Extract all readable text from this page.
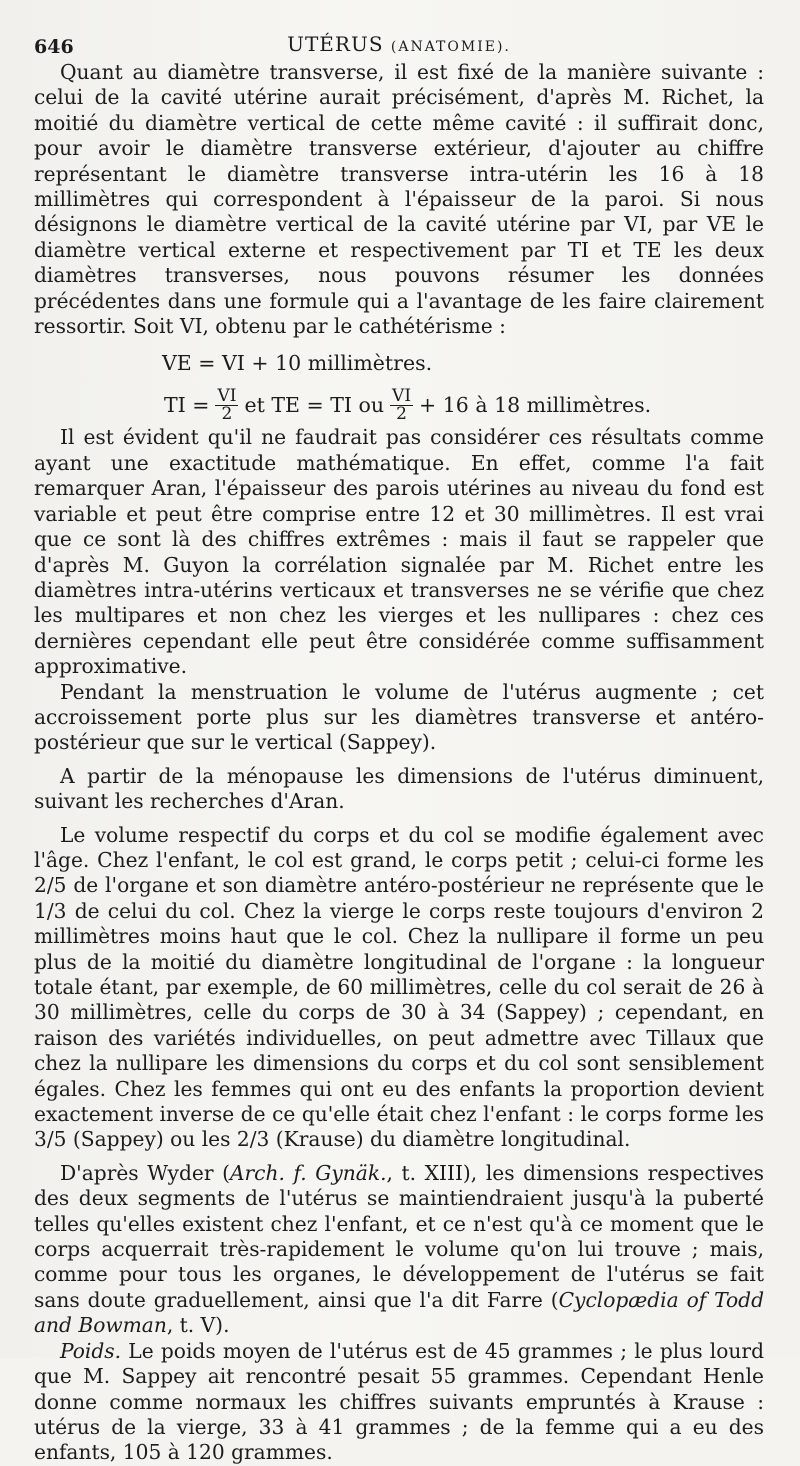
646	UTÉRUS (ANATOMIE).

Quant au diamètre transverse, il est fixé de la manière suivante : celui de la cavité utérine aurait précisément, d'après M. Richet, la moitié du diamètre vertical de cette même cavité : il suffirait donc, pour avoir le diamètre transverse extérieur, d'ajouter au chiffre représentant le diamètre transverse intra-utérin les 16 à 18 millimètres qui correspondent à l'épaisseur de la paroi. Si nous désignons le diamètre vertical de la cavité utérine par VI, par VE le diamètre vertical externe et respectivement par TI et TE les deux diamètres transverses, nous pouvons résumer les données précédentes dans une formule qui a l'avantage de les faire clairement ressortir. Soit VI, obtenu par le cathétérisme :

VE = VI + 10 millimètres.
TI = $\frac{VI}{2}$ et TE = TI ou $\frac{VI}{2} + 16$ à 18 millimètres.

Il est évident qu'il ne faudrait pas considérer ces résultats comme ayant une exactitude mathématique. En effet, comme l'a fait remarquer Aran, l'épaisseur des parois utérines au niveau du fond est variable et peut être comprise entre 12 et 30 millimètres. Il est vrai que ce sont là des chiffres extrêmes : mais il faut se rappeler que d'après M. Guyon la corrélation signalée par M. Richet entre les diamètres intra-utérins verticaux et transverses ne se vérifie que chez les multipares et non chez les vierges et les nullipares : chez ces dernières cependant elle peut être considérée comme suffisamment approximative.

Pendant la menstruation le volume de l'utérus augmente ; cet accroissement porte plus sur les diamètres transverse et antéro-postérieur que sur le vertical (Sappey).

A partir de la ménopause les dimensions de l'utérus diminuent, suivant les recherches d'Aran.

Le volume respectif du corps et du col se modifie également avec l'âge. Chez l'enfant, le col est grand, le corps petit ; celui-ci forme les 2/5 de l'organe et son diamètre antéro-postérieur ne représente que le 1/3 de celui du col. Chez la vierge le corps reste toujours d'environ 2 millimètres moins haut que le col. Chez la nullipare il forme un peu plus de la moitié du diamètre longitudinal de l'organe : la longueur totale étant, par exemple, de 60 millimètres, celle du col serait de 26 à 30 millimètres, celle du corps de 30 à 34 (Sappey) ; cependant, en raison des variétés individuelles, on peut admettre avec Tillaux que chez la nullipare les dimensions du corps et du col sont sensiblement égales. Chez les femmes qui ont eu des enfants la proportion devient exactement inverse de ce qu'elle était chez l'enfant : le corps forme les 3/5 (Sappey) ou les 2/3 (Krause) du diamètre longitudinal.

D'après Wyder (Arch. f. Gynäk., t. XIII), les dimensions respectives des deux segments de l'utérus se maintiendraient jusqu'à la puberté telles qu'elles existent chez l'enfant, et ce n'est qu'à ce moment que le corps acquerrait très-rapidement le volume qu'on lui trouve ; mais, comme pour tous les organes, le développement de l'utérus se fait sans doute graduellement, ainsi que l'a dit Farre (Cyclopædia of Todd and Bowman, t. V).

Poids. Le poids moyen de l'utérus est de 45 grammes ; le plus lourd que M. Sappey ait rencontré pesait 55 grammes. Cependant Henle donne comme normaux les chiffres suivants empruntés à Krause : utérus de la vierge, 33 à 41 grammes ; de la femme qui a eu des enfants, 105 à 120 grammes.
